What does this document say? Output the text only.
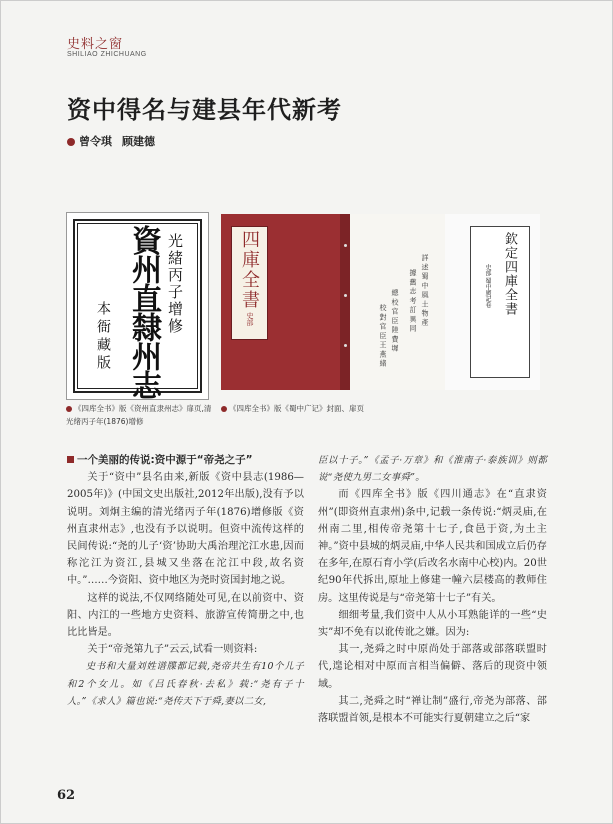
史料之窗
SHILIAO ZHICHUANG
资中得名与建县年代新考
曾令琪 顾建德
光緒丙子增修
資州直隸州志
本衙藏版
四庫全書
史部	詳 述 蜀 中 風 土 物 產
據 舊 志 考 訂 異 同
總 校 官 臣 陸 費 墀
校 對 官 臣 王 燕 緒
欽定四庫全書
史部 蜀中廣記卷
《四库全书》版《资州直隶州志》扉页,清光绪丙子年(1876)增修
《四库全书》版《蜀中广记》封面、扉页

一个美丽的传说:资中源于“帝尧之子”

关于“资中”县名由来,新版《资中县志(1986—2005年)》(中国文史出版社,2012年出版),没有予以说明。刘炯主编的清光绪丙子年(1876)增修版《资州直隶州志》,也没有予以说明。但资中流传这样的民间传说:“尧的儿子‘资’协助大禹治理沱江水患,因而称沱江为资江,县城又坐落在沱江中段,故名资中。”……今资阳、资中地区为尧时资国封地之说。

这样的说法,不仅网络随处可见,在以前资中、资阳、内江的一些地方史资料、旅游宣传简册之中,也比比皆是。

关于“帝尧第九子”云云,试看一则资料:

史书和大量刘姓谱牒都记载,尧帝共生有10个儿子和2个女儿。如《吕氏春秋·去私》载:“尧有子十人。”《求人》篇也说:“尧传天下于舜,妻以二女,

臣以十子。”《孟子·万章》和《淮南子·泰族训》则都说“尧使九男二女事舜”。

而《四库全书》版《四川通志》在“直隶资州”(即资州直隶州)条中,记载一条传说:“炳灵庙,在州南二里,相传帝尧第十七子,食邑于资,为土主神。”资中县城的炳灵庙,中华人民共和国成立后仍存在多年,在原石育小学(后改名水南中心校)内。20世纪90年代拆出,原址上修建一幢六层楼高的教师住房。这里传说是与“帝尧第十七子”有关。

细细考量,我们资中人从小耳熟能详的一些“史实”却不免有以讹传讹之嫌。因为:

其一,尧舜之时中原尚处于部落或部落联盟时代,遑论相对中原而言相当偏僻、落后的现资中领域。

其二,尧舜之时“禅让制”盛行,帝尧为部落、部落联盟首领,是根本不可能实行夏朝建立之后“家

62
